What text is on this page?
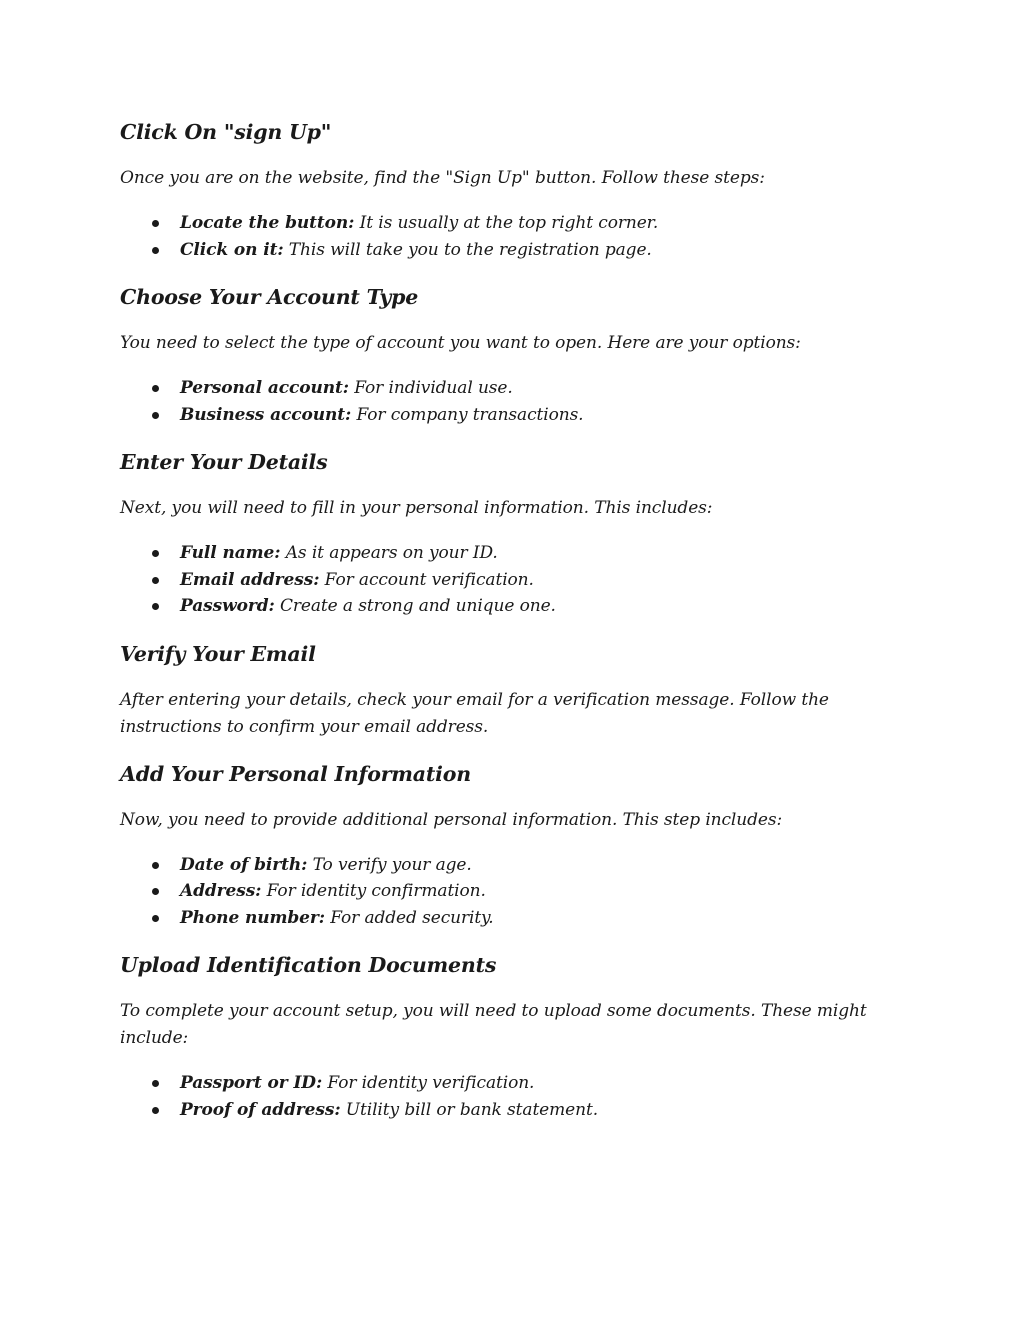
Click On "sign Up"

Once you are on the website, find the "Sign Up" button. Follow these steps:

Locate the button: It is usually at the top right corner.
Click on it: This will take you to the registration page.
Choose Your Account Type

You need to select the type of account you want to open. Here are your options:

Personal account: For individual use.
Business account: For company transactions.
Enter Your Details

Next, you will need to fill in your personal information. This includes:

Full name: As it appears on your ID.
Email address: For account verification.
Password: Create a strong and unique one.
Verify Your Email

After entering your details, check your email for a verification message. Follow the instructions to confirm your email address.

Add Your Personal Information

Now, you need to provide additional personal information. This step includes:

Date of birth: To verify your age.
Address: For identity confirmation.
Phone number: For added security.
Upload Identification Documents

To complete your account setup, you will need to upload some documents. These might include:

Passport or ID: For identity verification.
Proof of address: Utility bill or bank statement.
